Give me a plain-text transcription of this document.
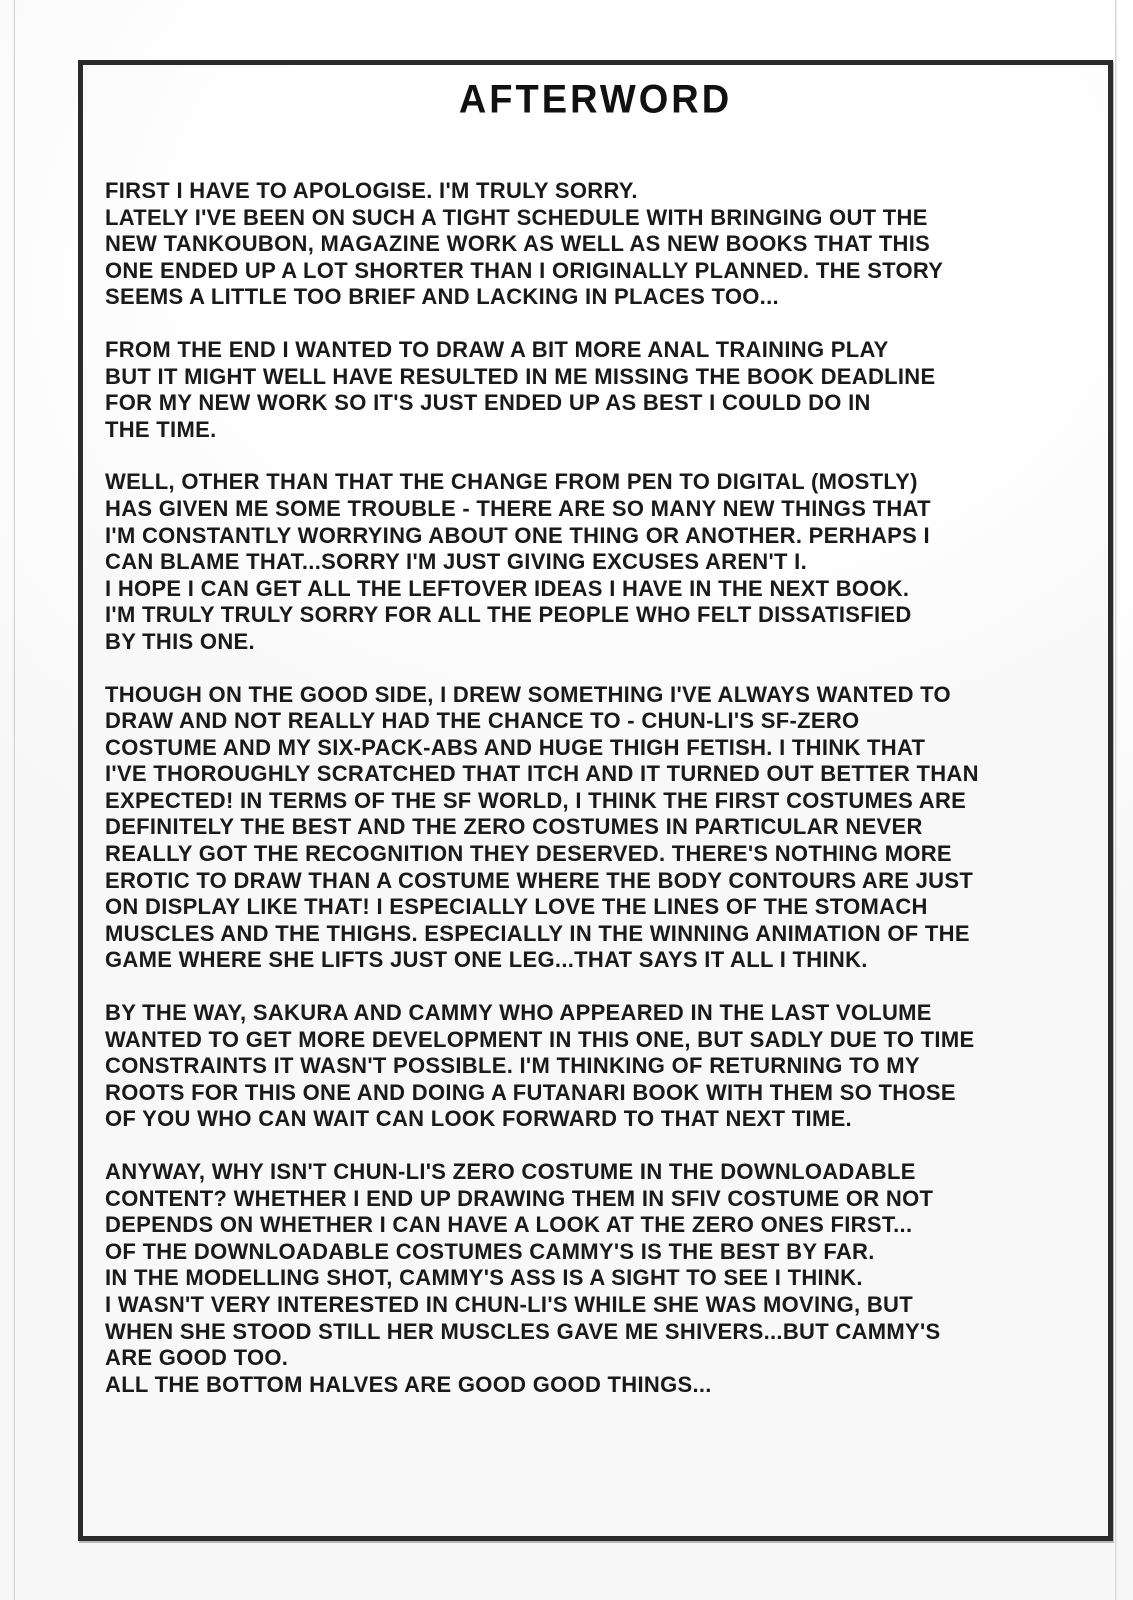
AFTERWORD
FIRST I HAVE TO APOLOGISE. I'M TRULY SORRY.
LATELY I'VE BEEN ON SUCH A TIGHT SCHEDULE WITH BRINGING OUT THE
NEW TANKOUBON, MAGAZINE WORK AS WELL AS NEW BOOKS THAT THIS
ONE ENDED UP A LOT SHORTER THAN I ORIGINALLY PLANNED. THE STORY
SEEMS A LITTLE TOO BRIEF AND LACKING IN PLACES TOO...
FROM THE END I WANTED TO DRAW A BIT MORE ANAL TRAINING PLAY
BUT IT MIGHT WELL HAVE RESULTED IN ME MISSING THE BOOK DEADLINE
FOR MY NEW WORK SO IT'S JUST ENDED UP AS BEST I COULD DO IN
THE TIME.
WELL, OTHER THAN THAT THE CHANGE FROM PEN TO DIGITAL (MOSTLY)
HAS GIVEN ME SOME TROUBLE - THERE ARE SO MANY NEW THINGS THAT
I'M CONSTANTLY WORRYING ABOUT ONE THING OR ANOTHER. PERHAPS I
CAN BLAME THAT...SORRY I'M JUST GIVING EXCUSES AREN'T I.
I HOPE I CAN GET ALL THE LEFTOVER IDEAS I HAVE IN THE NEXT BOOK.
I'M TRULY TRULY SORRY FOR ALL THE PEOPLE WHO FELT DISSATISFIED
BY THIS ONE.
THOUGH ON THE GOOD SIDE, I DREW SOMETHING I'VE ALWAYS WANTED TO
DRAW AND NOT REALLY HAD THE CHANCE TO - CHUN-LI'S SF-ZERO
COSTUME AND MY SIX-PACK-ABS AND HUGE THIGH FETISH. I THINK THAT
I'VE THOROUGHLY SCRATCHED THAT ITCH AND IT TURNED OUT BETTER THAN
EXPECTED! IN TERMS OF THE SF WORLD, I THINK THE FIRST COSTUMES ARE
DEFINITELY THE BEST AND THE ZERO COSTUMES IN PARTICULAR NEVER
REALLY GOT THE RECOGNITION THEY DESERVED. THERE'S NOTHING MORE
EROTIC TO DRAW THAN A COSTUME WHERE THE BODY CONTOURS ARE JUST
ON DISPLAY LIKE THAT! I ESPECIALLY LOVE THE LINES OF THE STOMACH
MUSCLES AND THE THIGHS. ESPECIALLY IN THE WINNING ANIMATION OF THE
GAME WHERE SHE LIFTS JUST ONE LEG...THAT SAYS IT ALL I THINK.
BY THE WAY, SAKURA AND CAMMY WHO APPEARED IN THE LAST VOLUME
WANTED TO GET MORE DEVELOPMENT IN THIS ONE, BUT SADLY DUE TO TIME
CONSTRAINTS IT WASN'T POSSIBLE. I'M THINKING OF RETURNING TO MY
ROOTS FOR THIS ONE AND DOING A FUTANARI BOOK WITH THEM SO THOSE
OF YOU WHO CAN WAIT CAN LOOK FORWARD TO THAT NEXT TIME.
ANYWAY, WHY ISN'T CHUN-LI'S ZERO COSTUME IN THE DOWNLOADABLE
CONTENT? WHETHER I END UP DRAWING THEM IN SFIV COSTUME OR NOT
DEPENDS ON WHETHER I CAN HAVE A LOOK AT THE ZERO ONES FIRST...
OF THE DOWNLOADABLE COSTUMES CAMMY'S IS THE BEST BY FAR.
IN THE MODELLING SHOT, CAMMY'S ASS IS A SIGHT TO SEE I THINK.
I WASN'T VERY INTERESTED IN CHUN-LI'S WHILE SHE WAS MOVING, BUT
WHEN SHE STOOD STILL HER MUSCLES GAVE ME SHIVERS...BUT CAMMY'S
ARE GOOD TOO.
ALL THE BOTTOM HALVES ARE GOOD GOOD THINGS...
